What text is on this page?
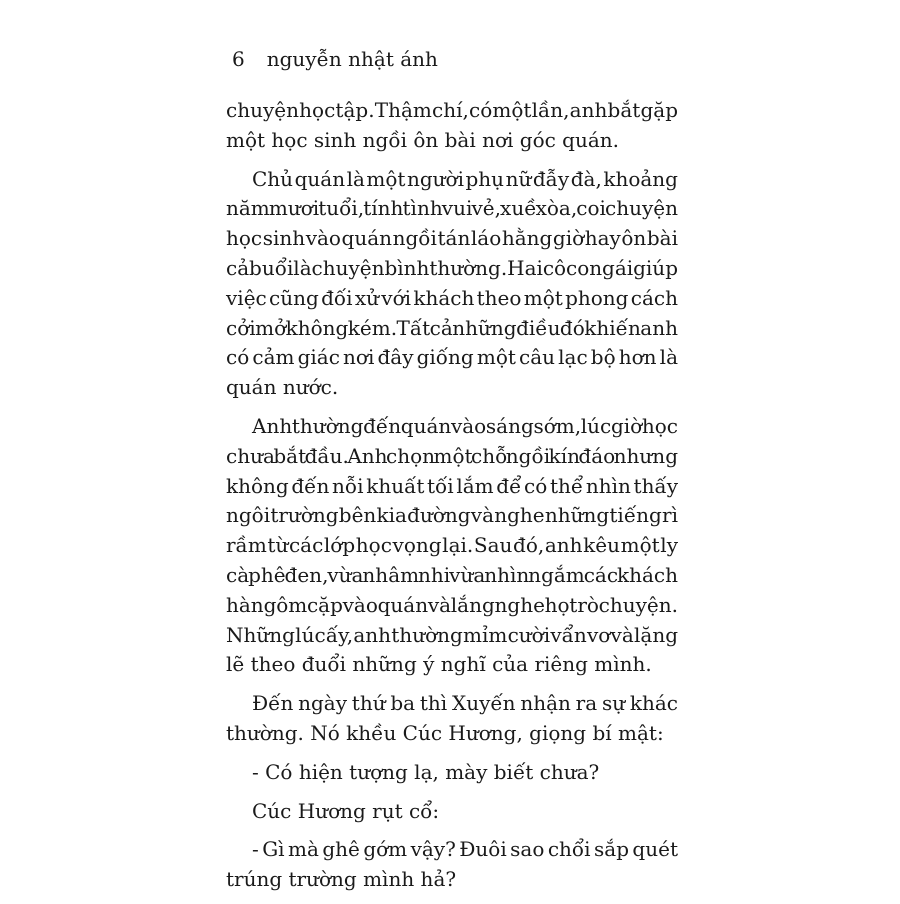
6 nguyễn nhật ánh
chuyện học tập. Thậm chí, có một lần, anh bắt gặp
một học sinh ngồi ôn bài nơi góc quán.
Chủ quán là một người phụ nữ đẫy đà, khoảng
năm mươi tuổi, tính tình vui vẻ, xuề xòa, coi chuyện
học sinh vào quán ngồi tán láo hằng giờ hay ôn bài
cả buổi là chuyện bình thường. Hai cô con gái giúp
việc cũng đối xử với khách theo một phong cách
cởi mở không kém. Tất cả những điều đó khiến anh
có cảm giác nơi đây giống một câu lạc bộ hơn là
quán nước.
Anh thường đến quán vào sáng sớm, lúc giờ học
chưa bắt đầu. Anh chọn một chỗ ngồi kín đáo nhưng
không đến nỗi khuất tối lắm để có thể nhìn thấy
ngôi trường bên kia đường và nghe những tiếng rì
rầm từ các lớp học vọng lại. Sau đó, anh kêu một ly
cà phê đen, vừa nhâm nhi vừa nhìn ngắm các khách
hàng ôm cặp vào quán và lắng nghe họ trò chuyện.
Những lúc ấy, anh thường mỉm cười vẩn vơ và lặng
lẽ theo đuổi những ý nghĩ của riêng mình.
Đến ngày thứ ba thì Xuyến nhận ra sự khác
thường. Nó khều Cúc Hương, giọng bí mật:
- Có hiện tượng lạ, mày biết chưa?
Cúc Hương rụt cổ:
- Gì mà ghê gớm vậy? Đuôi sao chổi sắp quét
trúng trường mình hả?
